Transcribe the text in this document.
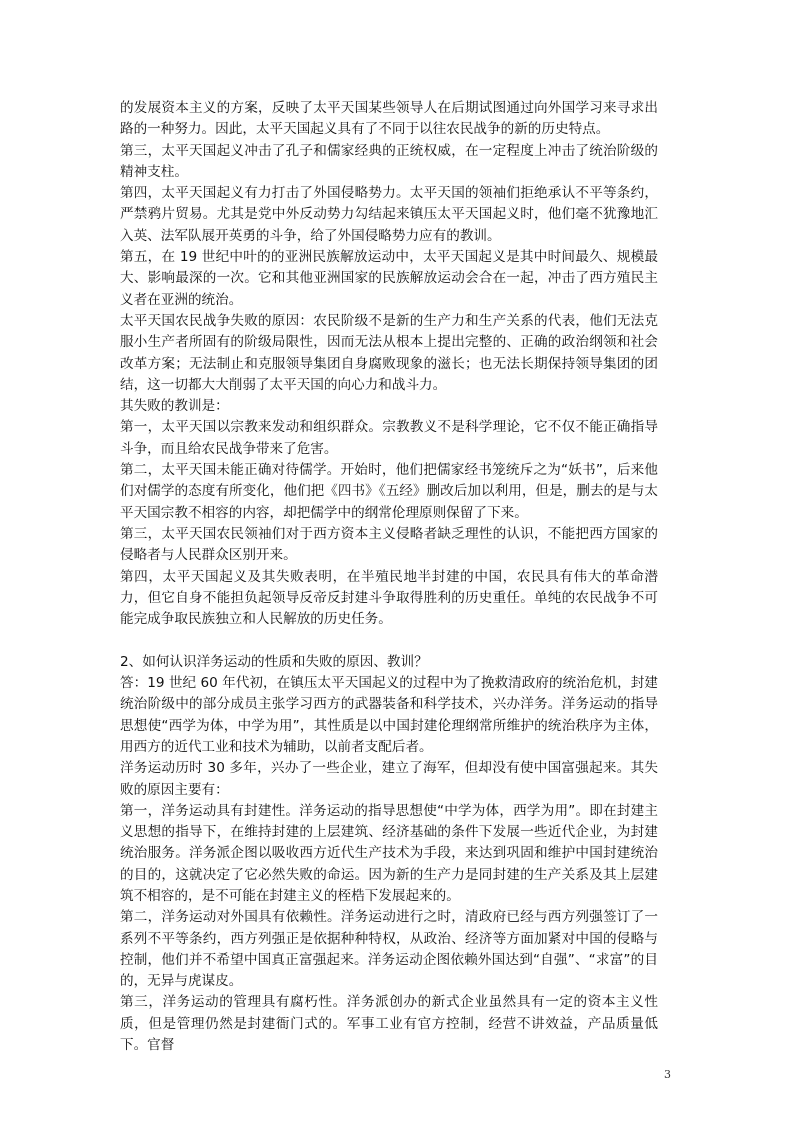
的发展资本主义的方案，反映了太平天国某些领导人在后期试图通过向外国学习来寻求出路的一种努力。因此，太平天国起义具有了不同于以往农民战争的新的历史特点。

第三，太平天国起义冲击了孔子和儒家经典的正统权威，在一定程度上冲击了统治阶级的精神支柱。

第四，太平天国起义有力打击了外国侵略势力。太平天国的领袖们拒绝承认不平等条约，严禁鸦片贸易。尤其是党中外反动势力勾结起来镇压太平天国起义时，他们毫不犹豫地汇入英、法军队展开英勇的斗争，给了外国侵略势力应有的教训。

第五，在 19 世纪中叶的的亚洲民族解放运动中，太平天国起义是其中时间最久、规模最大、影响最深的一次。它和其他亚洲国家的民族解放运动会合在一起，冲击了西方殖民主义者在亚洲的统治。

太平天国农民战争失败的原因：农民阶级不是新的生产力和生产关系的代表，他们无法克服小生产者所固有的阶级局限性，因而无法从根本上提出完整的、正确的政治纲领和社会改革方案；无法制止和克服领导集团自身腐败现象的滋长；也无法长期保持领导集团的团结，这一切都大大削弱了太平天国的向心力和战斗力。

其失败的教训是：

第一，太平天国以宗教来发动和组织群众。宗教教义不是科学理论，它不仅不能正确指导斗争，而且给农民战争带来了危害。

第二，太平天国未能正确对待儒学。开始时，他们把儒家经书笼统斥之为“妖书”，后来他们对儒学的态度有所变化，他们把《四书》《五经》删改后加以利用，但是，删去的是与太平天国宗教不相容的内容，却把儒学中的纲常伦理原则保留了下来。

第三，太平天国农民领袖们对于西方资本主义侵略者缺乏理性的认识，不能把西方国家的侵略者与人民群众区别开来。

第四，太平天国起义及其失败表明，在半殖民地半封建的中国，农民具有伟大的革命潜力，但它自身不能担负起领导反帝反封建斗争取得胜利的历史重任。单纯的农民战争不可能完成争取民族独立和人民解放的历史任务。

2、如何认识洋务运动的性质和失败的原因、教训？

答：19 世纪 60 年代初，在镇压太平天国起义的过程中为了挽救清政府的统治危机，封建统治阶级中的部分成员主张学习西方的武器装备和科学技术，兴办洋务。洋务运动的指导思想使“西学为体，中学为用”，其性质是以中国封建伦理纲常所维护的统治秩序为主体，用西方的近代工业和技术为辅助，以前者支配后者。

洋务运动历时 30 多年，兴办了一些企业，建立了海军，但却没有使中国富强起来。其失败的原因主要有：

第一，洋务运动具有封建性。洋务运动的指导思想使“中学为体，西学为用”。即在封建主义思想的指导下，在维持封建的上层建筑、经济基础的条件下发展一些近代企业，为封建统治服务。洋务派企图以吸收西方近代生产技术为手段，来达到巩固和维护中国封建统治的目的，这就决定了它必然失败的命运。因为新的生产力是同封建的生产关系及其上层建筑不相容的，是不可能在封建主义的桎梏下发展起来的。

第二，洋务运动对外国具有依赖性。洋务运动进行之时，清政府已经与西方列强签订了一系列不平等条约，西方列强正是依据种种特权，从政治、经济等方面加紧对中国的侵略与控制，他们并不希望中国真正富强起来。洋务运动企图依赖外国达到“自强”、“求富”的目的，无异与虎谋皮。

第三，洋务运动的管理具有腐朽性。洋务派创办的新式企业虽然具有一定的资本主义性质，但是管理仍然是封建衙门式的。军事工业有官方控制，经营不讲效益，产品质量低下。官督

3
